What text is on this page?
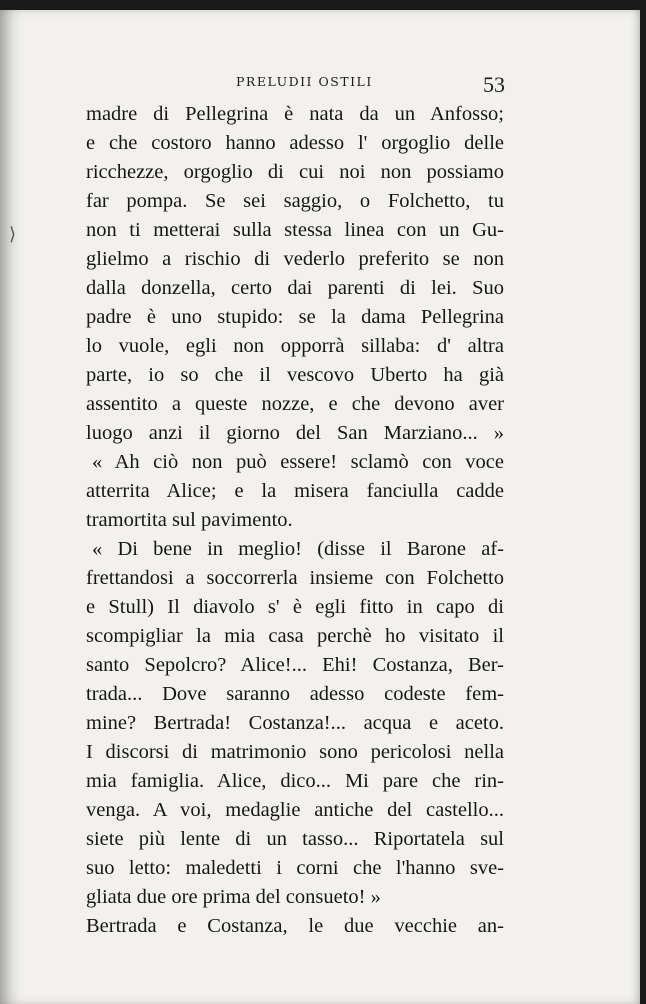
PRELUDII OSTILI	53
⟩
madre di Pellegrina è nata da un Anfosso;
e che costoro hanno adesso l' orgoglio delle
ricchezze, orgoglio di cui noi non possiamo
far pompa. Se sei saggio, o Folchetto, tu
non ti metterai sulla stessa linea con un Gu-
glielmo a rischio di vederlo preferito se non
dalla donzella, certo dai parenti di lei. Suo
padre è uno stupido: se la dama Pellegrina
lo vuole, egli non opporrà sillaba: d' altra
parte, io so che il vescovo Uberto ha già
assentito a queste nozze, e che devono aver
luogo anzi il giorno del San Marziano... »
« Ah ciò non può essere! sclamò con voce
atterrita Alice; e la misera fanciulla cadde
tramortita sul pavimento.
« Di bene in meglio! (disse il Barone af-
frettandosi a soccorrerla insieme con Folchetto
e Stull) Il diavolo s' è egli fitto in capo di
scompigliar la mia casa perchè ho visitato il
santo Sepolcro? Alice!... Ehi! Costanza, Ber-
trada... Dove saranno adesso codeste fem-
mine? Bertrada! Costanza!... acqua e aceto.
I discorsi di matrimonio sono pericolosi nella
mia famiglia. Alice, dico... Mi pare che rin-
venga. A voi, medaglie antiche del castello...
siete più lente di un tasso... Riportatela sul
suo letto: maledetti i corni che l'hanno sve-
gliata due ore prima del consueto! »
Bertrada e Costanza, le due vecchie an-
